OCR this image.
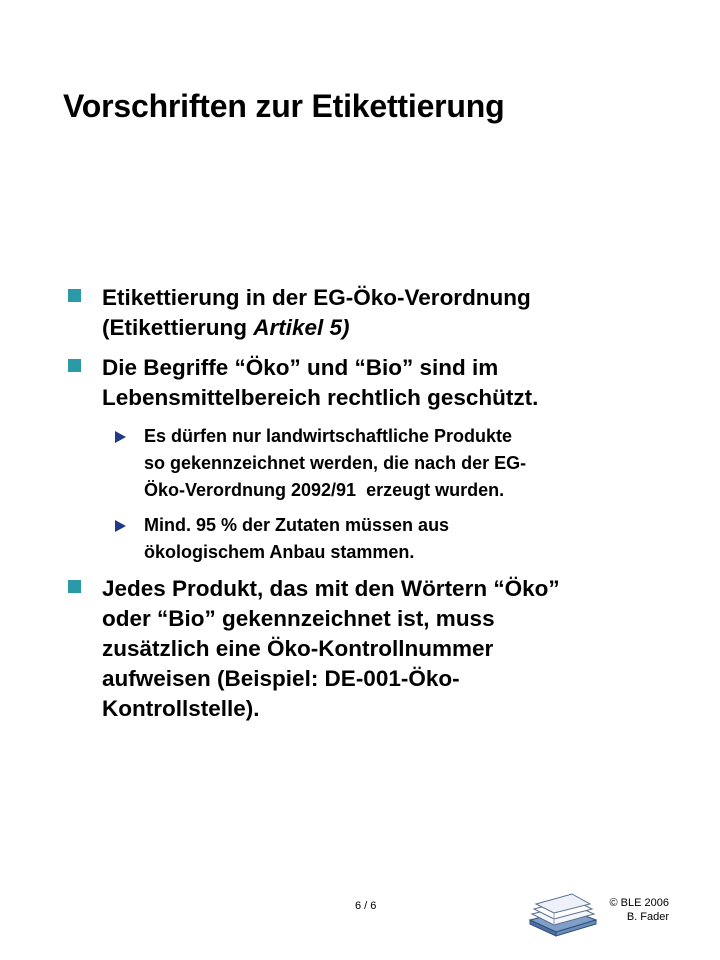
Vorschriften zur Etikettierung
Etikettierung in der EG-Öko-Verordnung
(Etikettierung Artikel 5)
Die Begriffe “Öko” und “Bio” sind im
Lebensmittelbereich rechtlich geschützt.
Es dürfen nur landwirtschaftliche Produkte
so gekennzeichnet werden, die nach der EG-
Öko-Verordnung 2092/91  erzeugt wurden.
Mind. 95 % der Zutaten müssen aus
ökologischem Anbau stammen.
Jedes Produkt, das mit den Wörtern “Öko”
oder “Bio” gekennzeichnet ist, muss
zusätzlich eine Öko-Kontrollnummer
aufweisen (Beispiel: DE-001-Öko-
Kontrollstelle).
6 / 6	© BLE 2006
B. Fader
